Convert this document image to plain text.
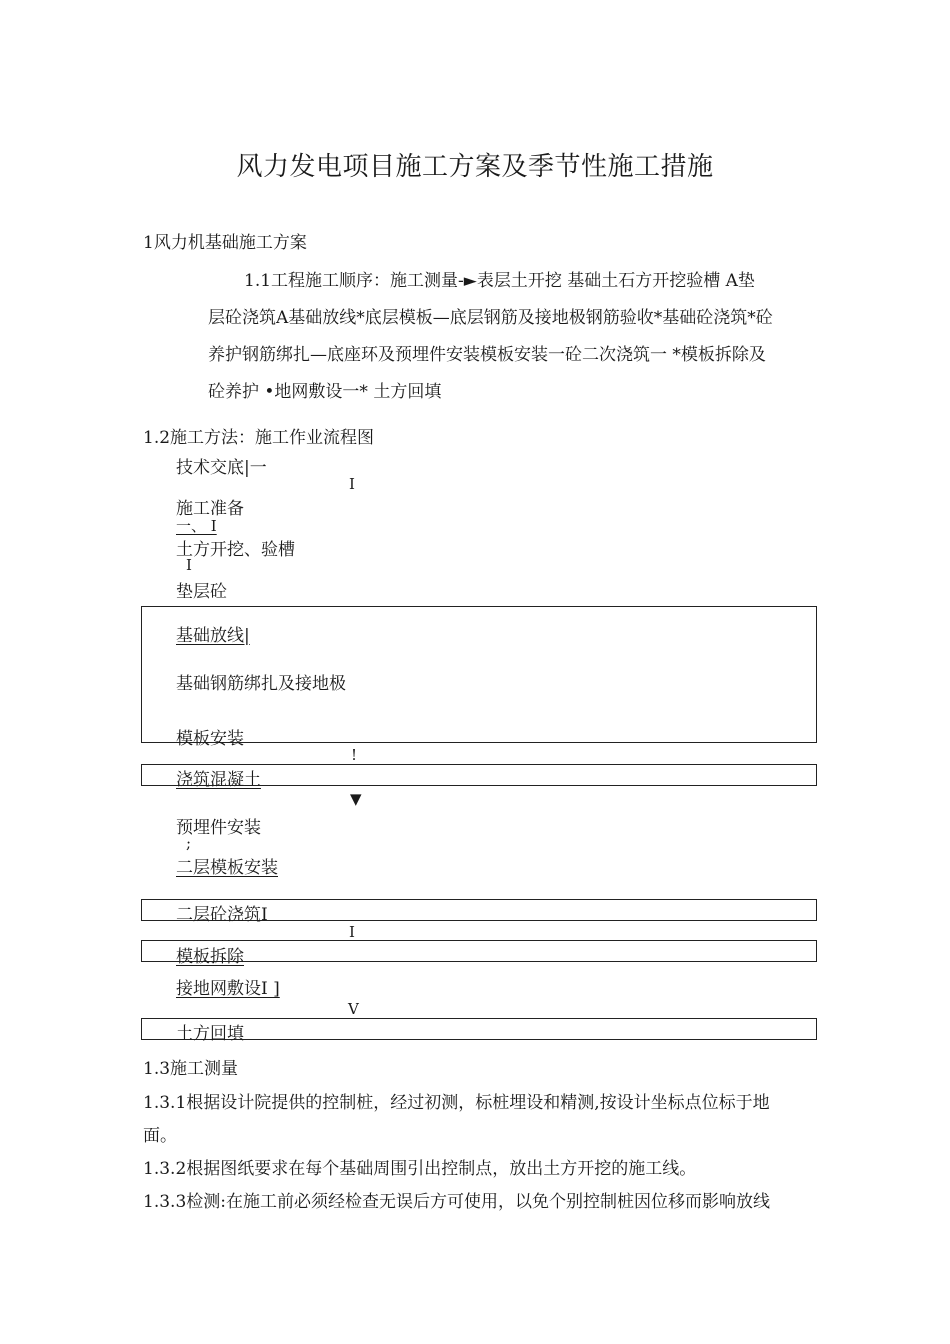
风力发电项目施工方案及季节性施工措施
1风力机基础施工方案
1.1工程施工顺序：施工测量-►表层土开挖 基础土石方开挖验槽 A垫
层砼浇筑A基础放线*底层模板—底层钢筋及接地极钢筋验收*基础砼浇筑*砼
养护钢筋绑扎—底座环及预埋件安装模板安装一砼二次浇筑一 *模板拆除及
砼养护 •地网敷设一* 土方回填
1.2施工方法：施工作业流程图
技术交底|一
I
施工准备
一、 I
土方开挖、验槽
I
垫层砼
基础放线|
基础钢筋绑扎及接地极
模板安装
!
浇筑混凝土
▼
预埋件安装
;
二层模板安装
二层砼浇筑I
I
模板拆除
接地网敷设I ]
V
土方回填
1.3施工测量
1.3.1根据设计院提供的控制桩，经过初测，标桩埋设和精测,按设计坐标点位标于地
面。
1.3.2根据图纸要求在每个基础周围引出控制点，放出土方开挖的施工线。
1.3.3检测:在施工前必须经检查无误后方可使用，以免个别控制桩因位移而影响放线
